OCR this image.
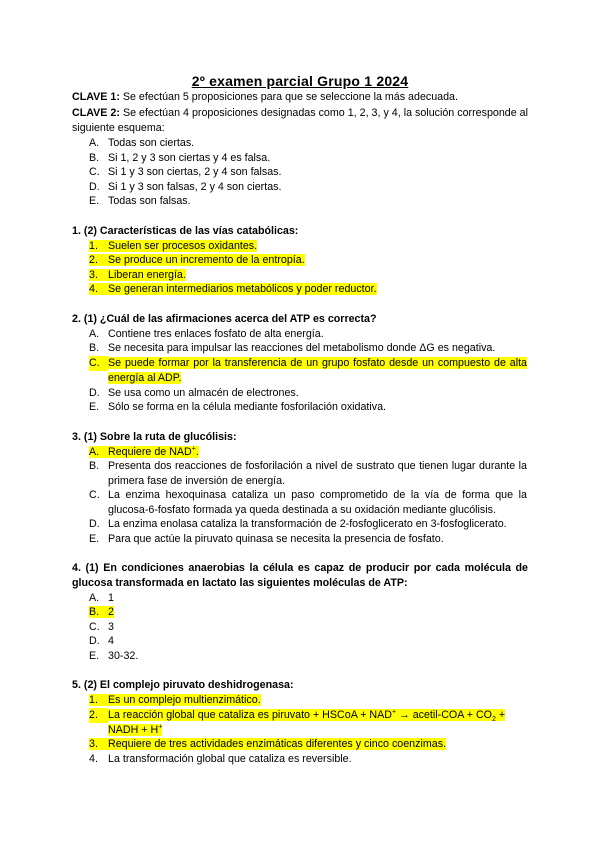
2º examen parcial Grupo 1 2024
CLAVE 1: Se efectúan 5 proposiciones para que se seleccione la más adecuada.
CLAVE 2: Se efectúan 4 proposiciones designadas como 1, 2, 3, y 4, la solución corresponde al siguiente esquema:
A. Todas son ciertas.
B. Si 1, 2 y 3 son ciertas y 4 es falsa.
C. Si 1 y 3 son ciertas, 2 y 4 son falsas.
D. Si 1 y 3 son falsas, 2 y 4 son ciertas.
E. Todas son falsas.
1. (2) Características de las vías catabólicas:
1. Suelen ser procesos oxidantes.
2. Se produce un incremento de la entropía.
3. Liberan energía.
4. Se generan intermediarios metabólicos y poder reductor.
2. (1) ¿Cuál de las afirmaciones acerca del ATP es correcta?
A. Contiene tres enlaces fosfato de alta energía.
B. Se necesita para impulsar las reacciones del metabolismo donde ΔG es negativa.
C. Se puede formar por la transferencia de un grupo fosfato desde un compuesto de alta energía al ADP.
D. Se usa como un almacén de electrones.
E. Sólo se forma en la célula mediante fosforilación oxidativa.
3. (1) Sobre la ruta de glucólisis:
A. Requiere de NAD+.
B. Presenta dos reacciones de fosforilación a nivel de sustrato que tienen lugar durante la primera fase de inversión de energía.
C. La enzima hexoquinasa cataliza un paso comprometido de la vía de forma que la glucosa-6-fosfato formada ya queda destinada a su oxidación mediante glucólisis.
D. La enzima enolasa cataliza la transformación de 2-fosfoglicerato en 3-fosfoglicerato.
E. Para que actúe la piruvato quinasa se necesita la presencia de fosfato.
4. (1) En condiciones anaerobias la célula es capaz de producir por cada molécula de glucosa transformada en lactato las siguientes moléculas de ATP:
A. 1
B. 2
C. 3
D. 4
E. 30-32.
5. (2) El complejo piruvato deshidrogenasa:
1. Es un complejo multienzimático.
2. La reacción global que cataliza es piruvato + HSCoA + NAD+ → acetil-COA + $CO_2$ + NADH + H+
3. Requiere de tres actividades enzimáticas diferentes y cinco coenzimas.
4. La transformación global que cataliza es reversible.
